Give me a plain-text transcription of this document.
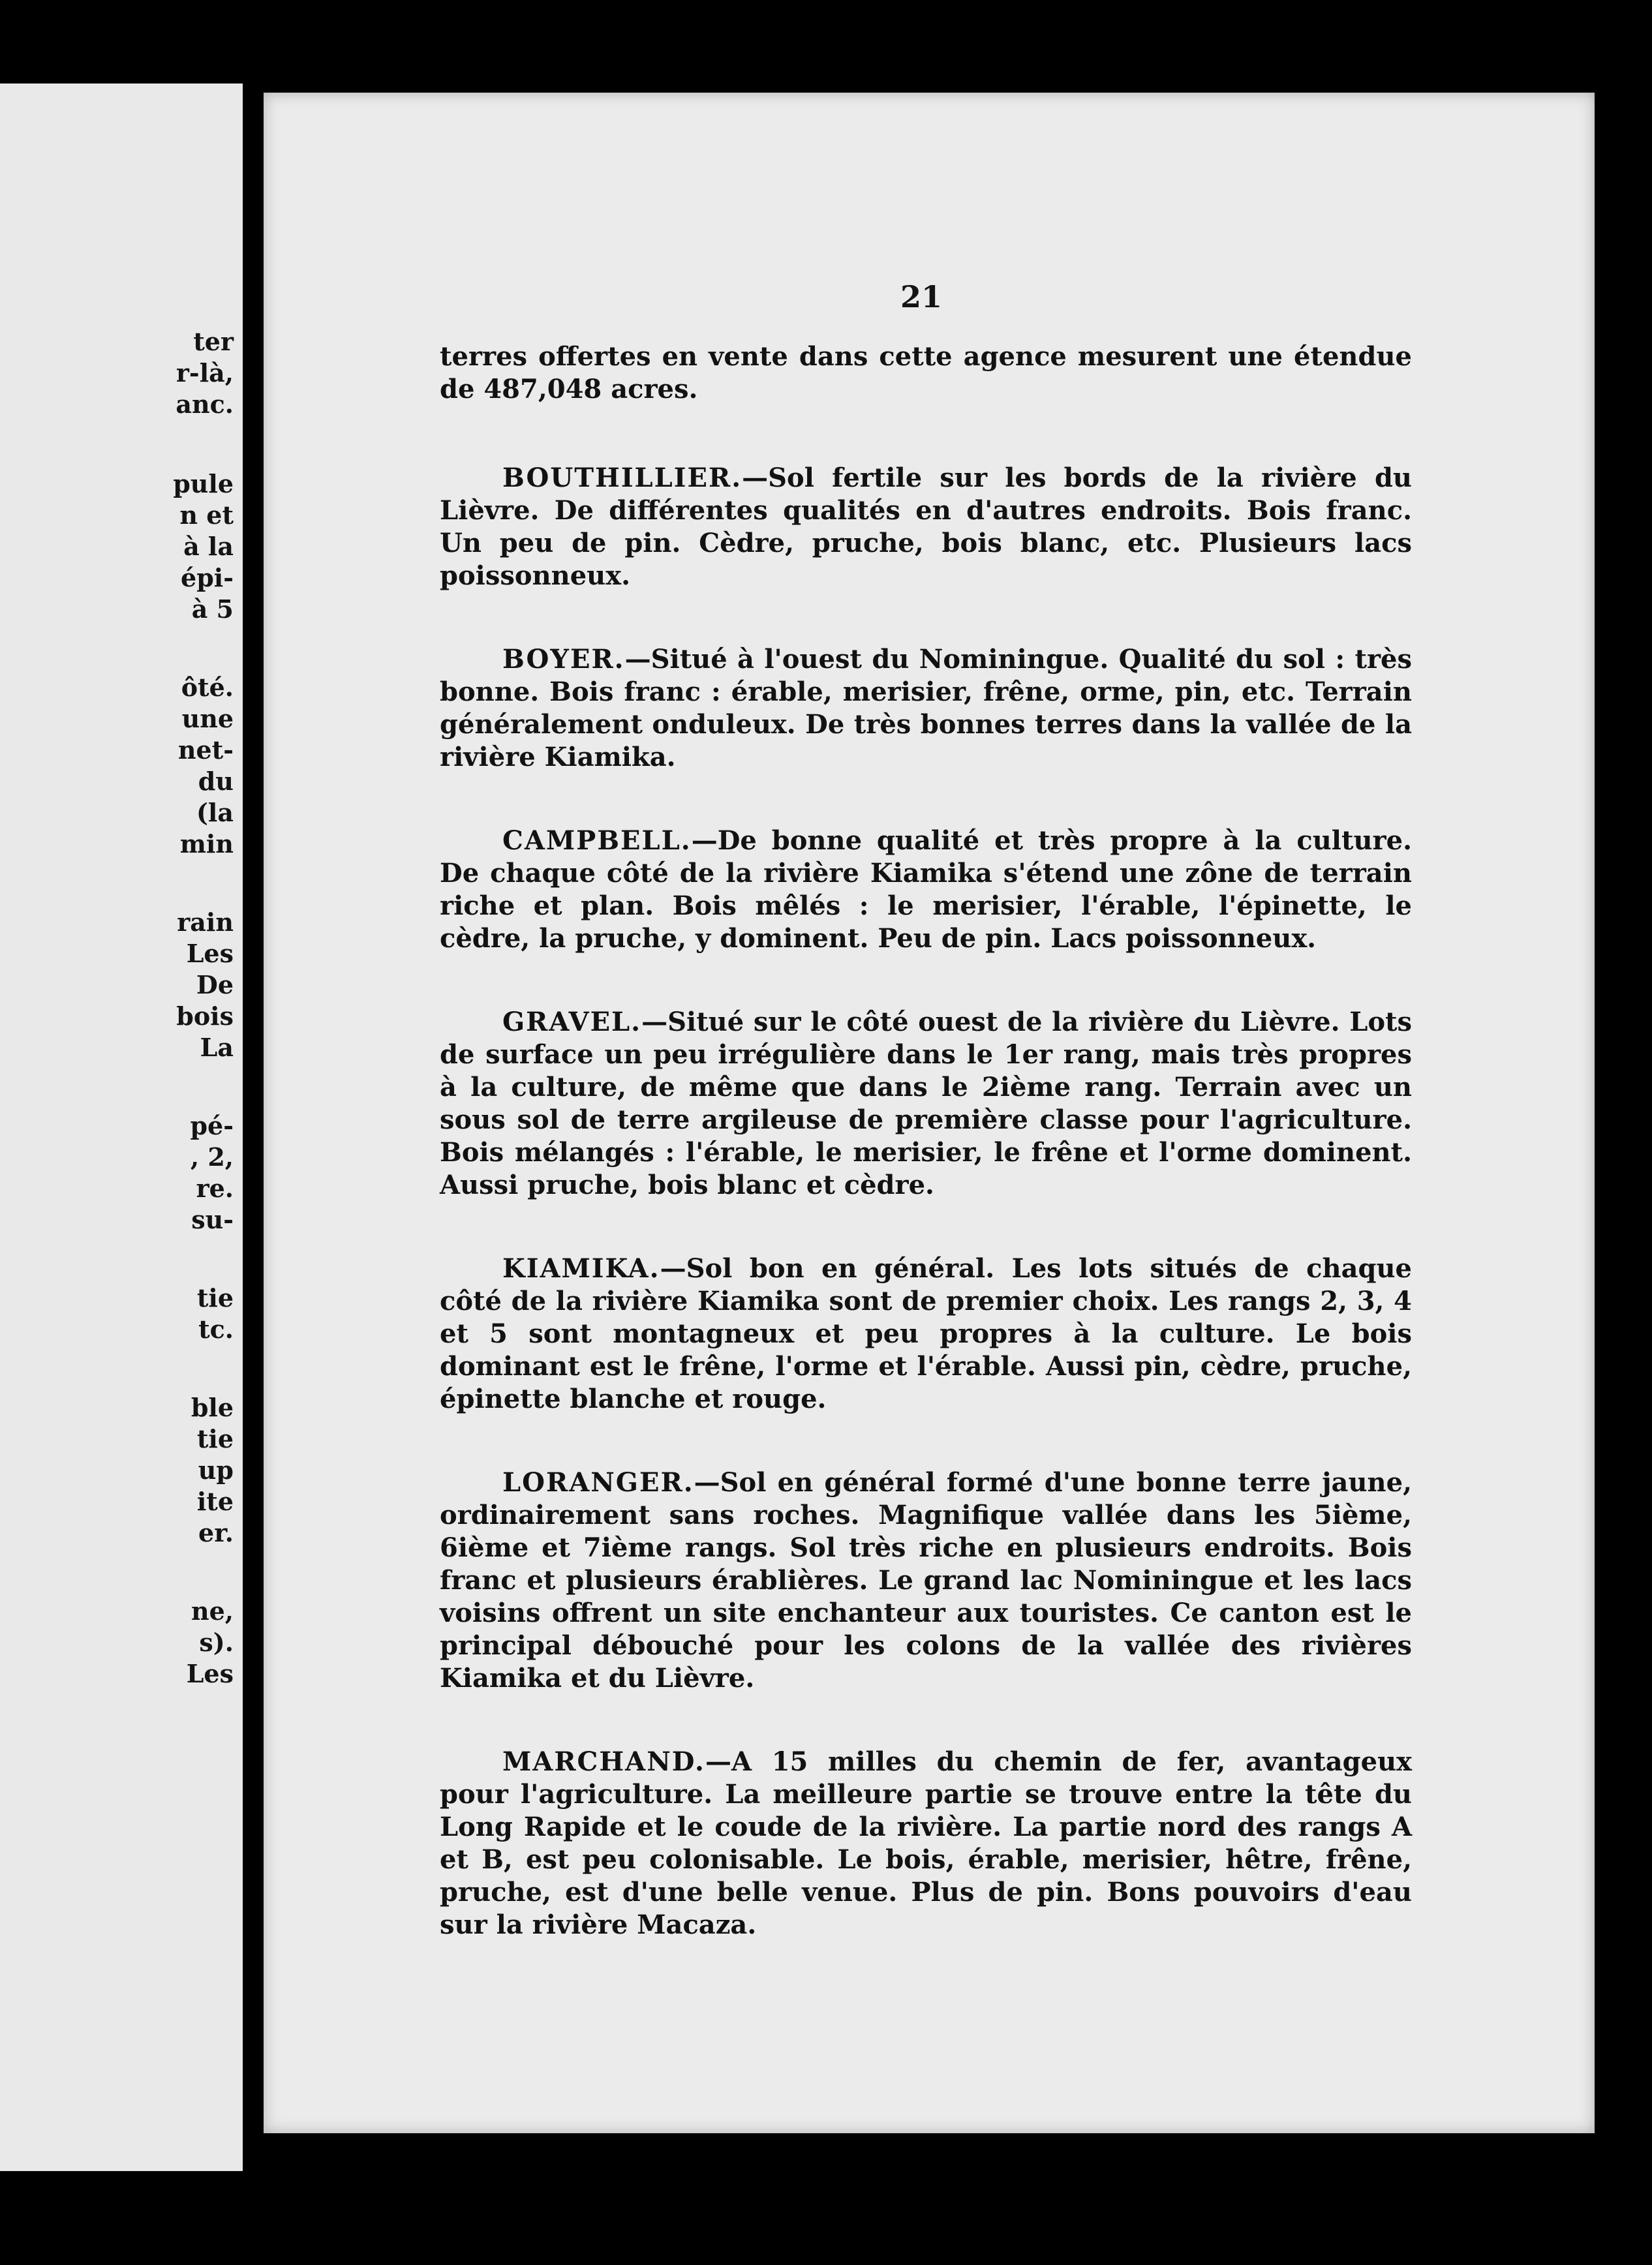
ter

r-là,

anc.

pule

n et

à la

épi-

à 5

ôté.

une

net-

du

(la

min

rain

Les

De

bois

La

pé-

, 2,

re.

su-

tie

tc.

ble

tie

up

ite

er.

ne,

s).

Les

21

terres offertes en vente dans cette agence mesurent une étendue de 487,048 acres.

BOUTHILLIER.—Sol fertile sur les bords de la rivière du Lièvre. De différentes qualités en d'autres endroits. Bois franc. Un peu de pin. Cèdre, pruche, bois blanc, etc. Plusieurs lacs poissonneux.

BOYER.—Situé à l'ouest du Nominingue. Qualité du sol : très bonne. Bois franc : érable, merisier, frêne, orme, pin, etc. Terrain généralement onduleux. De très bonnes terres dans la vallée de la rivière Kiamika.

CAMPBELL.—De bonne qualité et très propre à la culture. De chaque côté de la rivière Kiamika s'étend une zône de terrain riche et plan. Bois mêlés : le merisier, l'érable, l'épinette, le cèdre, la pruche, y dominent. Peu de pin. Lacs poissonneux.

GRAVEL.—Situé sur le côté ouest de la rivière du Lièvre. Lots de surface un peu irrégulière dans le 1er rang, mais très propres à la culture, de même que dans le 2ième rang. Terrain avec un sous sol de terre argileuse de première classe pour l'agriculture. Bois mélangés : l'érable, le merisier, le frêne et l'orme dominent. Aussi pruche, bois blanc et cèdre.

KIAMIKA.—Sol bon en général. Les lots situés de chaque côté de la rivière Kiamika sont de premier choix. Les rangs 2, 3, 4 et 5 sont montagneux et peu propres à la culture. Le bois dominant est le frêne, l'orme et l'érable. Aussi pin, cèdre, pruche, épinette blanche et rouge.

LORANGER.—Sol en général formé d'une bonne terre jaune, ordinairement sans roches. Magnifique vallée dans les 5ième, 6ième et 7ième rangs. Sol très riche en plusieurs endroits. Bois franc et plusieurs érablières. Le grand lac Nominingue et les lacs voisins offrent un site enchanteur aux touristes. Ce canton est le principal débouché pour les colons de la vallée des rivières Kiamika et du Lièvre.

MARCHAND.—A 15 milles du chemin de fer, avantageux pour l'agriculture. La meilleure partie se trouve entre la tête du Long Rapide et le coude de la rivière. La partie nord des rangs A et B, est peu colonisable. Le bois, érable, merisier, hêtre, frêne, pruche, est d'une belle venue. Plus de pin. Bons pouvoirs d'eau sur la rivière Macaza.
